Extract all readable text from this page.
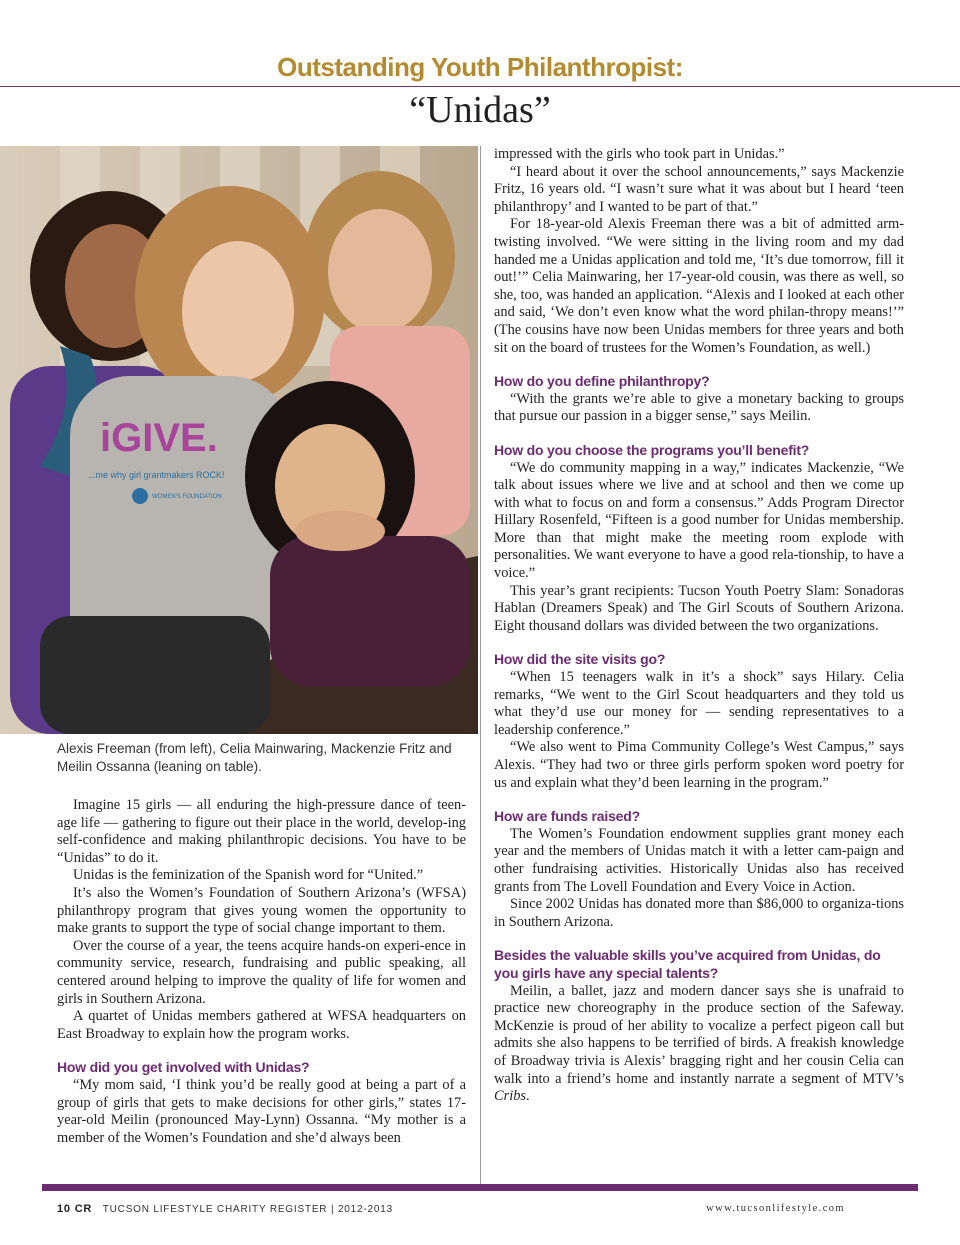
Outstanding Youth Philanthropist:
“Unidas”
iGIVE.
...me why girl grantmakers ROCK!
WOMEN'S FOUNDATION
Alexis Freeman (from left), Celia Mainwaring, Mackenzie Fritz and Meilin Ossanna (leaning on table).

Imagine 15 girls — all enduring the high-pressure dance of teen-age life — gathering to figure out their place in the world, develop-ing self-confidence and making philanthropic decisions. You have to be “Unidas” to do it.

Unidas is the feminization of the Spanish word for “United.”

It’s also the Women’s Foundation of Southern Arizona’s (WFSA) philanthropy program that gives young women the opportunity to make grants to support the type of social change important to them.

Over the course of a year, the teens acquire hands-on experi-ence in community service, research, fundraising and public speaking, all centered around helping to improve the quality of life for women and girls in Southern Arizona.

A quartet of Unidas members gathered at WFSA headquarters on East Broadway to explain how the program works.

How did you get involved with Unidas?

“My mom said, ‘I think you’d be really good at being a part of a group of girls that gets to make decisions for other girls,” states 17-year-old Meilin (pronounced May-Lynn) Ossanna. “My mother is a member of the Women’s Foundation and she’d always been

impressed with the girls who took part in Unidas.”

“I heard about it over the school announcements,” says Mackenzie Fritz, 16 years old. “I wasn’t sure what it was about but I heard ‘teen philanthropy’ and I wanted to be part of that.”

For 18-year-old Alexis Freeman there was a bit of admitted arm-twisting involved. “We were sitting in the living room and my dad handed me a Unidas application and told me, ‘It’s due tomorrow, fill it out!’” Celia Mainwaring, her 17-year-old cousin, was there as well, so she, too, was handed an application. “Alexis and I looked at each other and said, ‘We don’t even know what the word philan-thropy means!’” (The cousins have now been Unidas members for three years and both sit on the board of trustees for the Women’s Foundation, as well.)

How do you define philanthropy?

“With the grants we’re able to give a monetary backing to groups that pursue our passion in a bigger sense,” says Meilin.

How do you choose the programs you’ll benefit?

“We do community mapping in a way,” indicates Mackenzie, “We talk about issues where we live and at school and then we come up with what to focus on and form a consensus.” Adds Program Director Hillary Rosenfeld, “Fifteen is a good number for Unidas membership. More than that might make the meeting room explode with personalities. We want everyone to have a good rela-tionship, to have a voice.”

This year’s grant recipients: Tucson Youth Poetry Slam: Sonadoras Hablan (Dreamers Speak) and The Girl Scouts of Southern Arizona. Eight thousand dollars was divided between the two organizations.

How did the site visits go?

“When 15 teenagers walk in it’s a shock” says Hilary. Celia remarks, “We went to the Girl Scout headquarters and they told us what they’d use our money for — sending representatives to a leadership conference.”

“We also went to Pima Community College’s West Campus,” says Alexis. “They had two or three girls perform spoken word poetry for us and explain what they’d been learning in the program.”

How are funds raised?

The Women’s Foundation endowment supplies grant money each year and the members of Unidas match it with a letter cam-paign and other fundraising activities. Historically Unidas also has received grants from The Lovell Foundation and Every Voice in Action.

Since 2002 Unidas has donated more than $86,000 to organiza-tions in Southern Arizona.

Besides the valuable skills you’ve acquired from Unidas, do you girls have any special talents?

Meilin, a ballet, jazz and modern dancer says she is unafraid to practice new choreography in the produce section of the Safeway. McKenzie is proud of her ability to vocalize a perfect pigeon call but admits she also happens to be terrified of birds. A freakish knowledge of Broadway trivia is Alexis’ bragging right and her cousin Celia can walk into a friend’s home and instantly narrate a segment of MTV’s Cribs.

10 CR TUCSON LIFESTYLE CHARITY REGISTER | 2012-2013	www.tucsonlifestyle.com
